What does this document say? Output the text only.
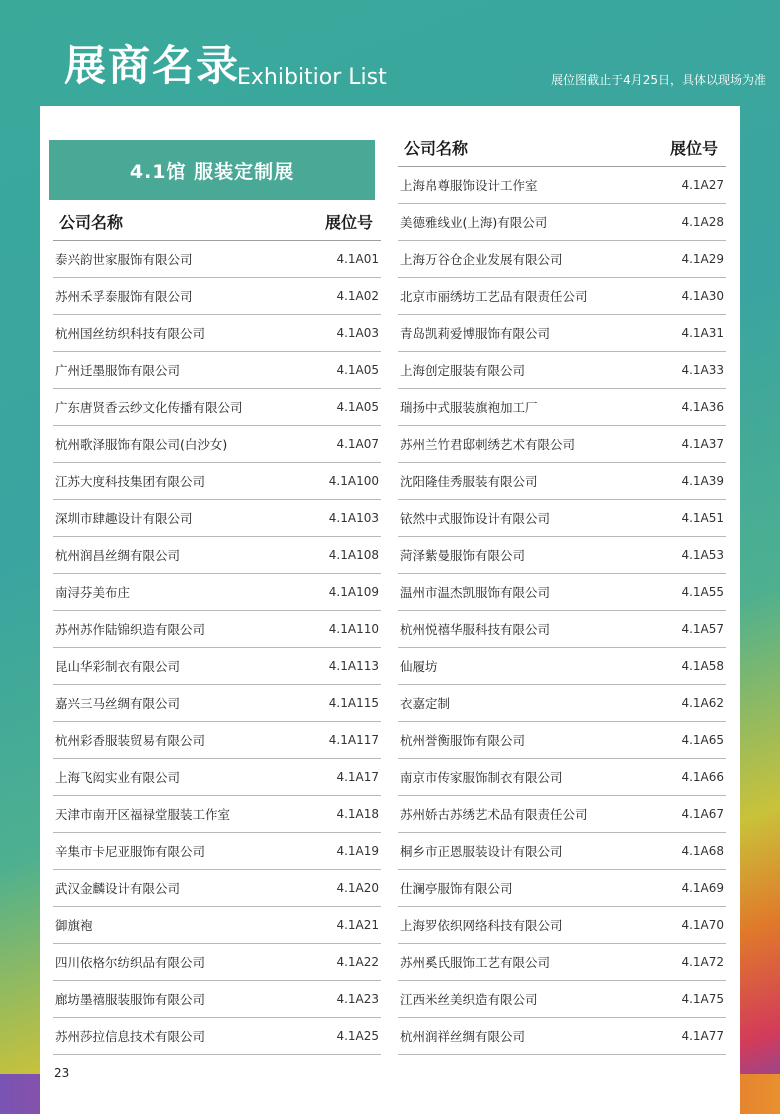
展商名录
Exhibitior List	展位图截止于4月25日，具体以现场为准
4.1馆 服装定制展
公司名称	展位号
泰兴韵世家服饰有限公司	4.1A01
苏州禾孚泰服饰有限公司	4.1A02
杭州国丝纺织科技有限公司	4.1A03
广州迁墨服饰有限公司	4.1A05
广东唐贤香云纱文化传播有限公司	4.1A05
杭州歌泽服饰有限公司(白沙女)	4.1A07
江苏大度科技集团有限公司	4.1A100
深圳市肆趣设计有限公司	4.1A103
杭州润昌丝绸有限公司	4.1A108
南浔芬美布庄	4.1A109
苏州苏作陆锦织造有限公司	4.1A110
昆山华彩制衣有限公司	4.1A113
嘉兴三马丝绸有限公司	4.1A115
杭州彩香服装贸易有限公司	4.1A117
上海飞闳实业有限公司	4.1A17
天津市南开区福禄堂服装工作室	4.1A18
辛集市卡尼亚服饰有限公司	4.1A19
武汉金麟设计有限公司	4.1A20
御旗袍	4.1A21
四川依格尔纺织品有限公司	4.1A22
廊坊墨禧服装服饰有限公司	4.1A23
苏州莎拉信息技术有限公司	4.1A25
公司名称	展位号
上海帛尊服饰设计工作室	4.1A27
美德雅线业(上海)有限公司	4.1A28
上海万谷仓企业发展有限公司	4.1A29
北京市丽绣坊工艺品有限责任公司	4.1A30
青岛凯莉爱博服饰有限公司	4.1A31
上海创定服装有限公司	4.1A33
瑞扬中式服装旗袍加工厂	4.1A36
苏州兰竹君邸刺绣艺术有限公司	4.1A37
沈阳隆佳秀服装有限公司	4.1A39
铱然中式服饰设计有限公司	4.1A51
菏泽紫曼服饰有限公司	4.1A53
温州市温杰凯服饰有限公司	4.1A55
杭州悦禧华服科技有限公司	4.1A57
仙履坊	4.1A58
衣嘉定制	4.1A62
杭州誉衡服饰有限公司	4.1A65
南京市传家服饰制衣有限公司	4.1A66
苏州娇古苏绣艺术品有限责任公司	4.1A67
桐乡市正恩服装设计有限公司	4.1A68
仕澜亭服饰有限公司	4.1A69
上海罗依织网络科技有限公司	4.1A70
苏州奚氏服饰工艺有限公司	4.1A72
江西米丝美织造有限公司	4.1A75
杭州润祥丝绸有限公司	4.1A77
23
